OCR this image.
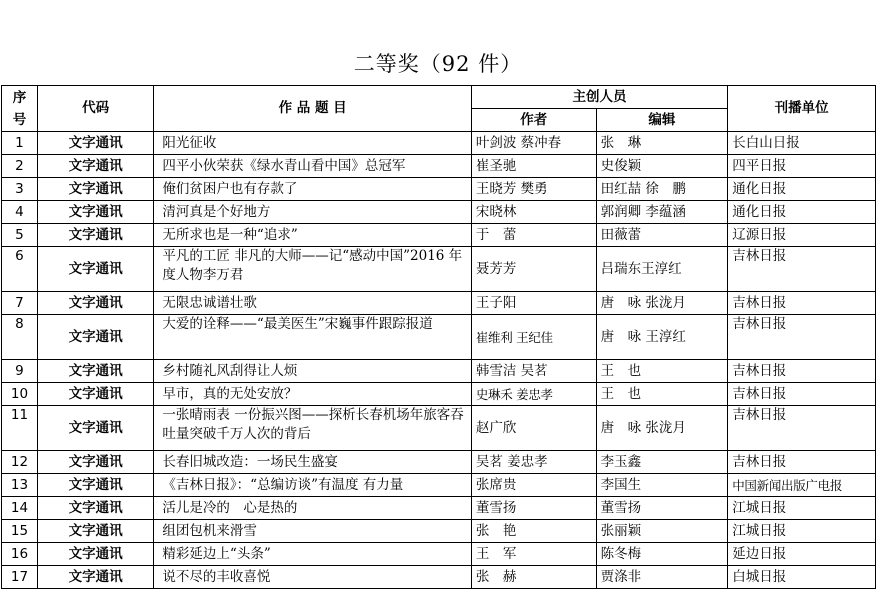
二等奖（92 件）
序号	代码	作 品 题 目	主创人员		刊播单位
			作者	编辑	
1	文字通讯	阳光征收	叶剑波 蔡冲春	张　琳	长白山日报
2	文字通讯	四平小伙荣获《绿水青山看中国》总冠军	崔圣驰	史俊颖	四平日报
3	文字通讯	俺们贫困户也有存款了	王晓芳 樊勇	田红喆 徐　鹏	通化日报
4	文字通讯	清河真是个好地方	宋晓林	郭润卿 李蕴涵	通化日报
5	文字通讯	无所求也是一种“追求”	于　蕾	田薇蕾	辽源日报
6	文字通讯	平凡的工匠 非凡的大师——记“感动中国”2016 年度人物李万君	聂芳芳	吕瑞东王淳红	吉林日报
7	文字通讯	无限忠诚谱壮歌	王子阳	唐　咏 张泷月	吉林日报
8	文字通讯	大爱的诠释——“最美医生”宋巍事件跟踪报道	崔维利 王纪佳	唐　咏 王淳红	吉林日报
9	文字通讯	乡村随礼风刮得让人烦	韩雪洁 吴茗	王　也	吉林日报
10	文字通讯	早市，真的无处安放？	史琳禾 姜忠孝	王　也	吉林日报
11	文字通讯	一张晴雨表 一份振兴图——探析长春机场年旅客吞吐量突破千万人次的背后	赵广欣	唐　咏 张泷月	吉林日报
12	文字通讯	长春旧城改造：一场民生盛宴	吴茗 姜忠孝	李玉鑫	吉林日报
13	文字通讯	《吉林日报》：“总编访谈”有温度 有力量	张席贵	李国生	中国新闻出版广电报
14	文字通讯	活儿是冷的　心是热的	董雪扬	董雪扬	江城日报
15	文字通讯	组团包机来滑雪	张　艳	张丽颖	江城日报
16	文字通讯	精彩延边上“头条”	王　军	陈冬梅	延边日报
17	文字通讯	说不尽的丰收喜悦	张　赫	贾涤非	白城日报
